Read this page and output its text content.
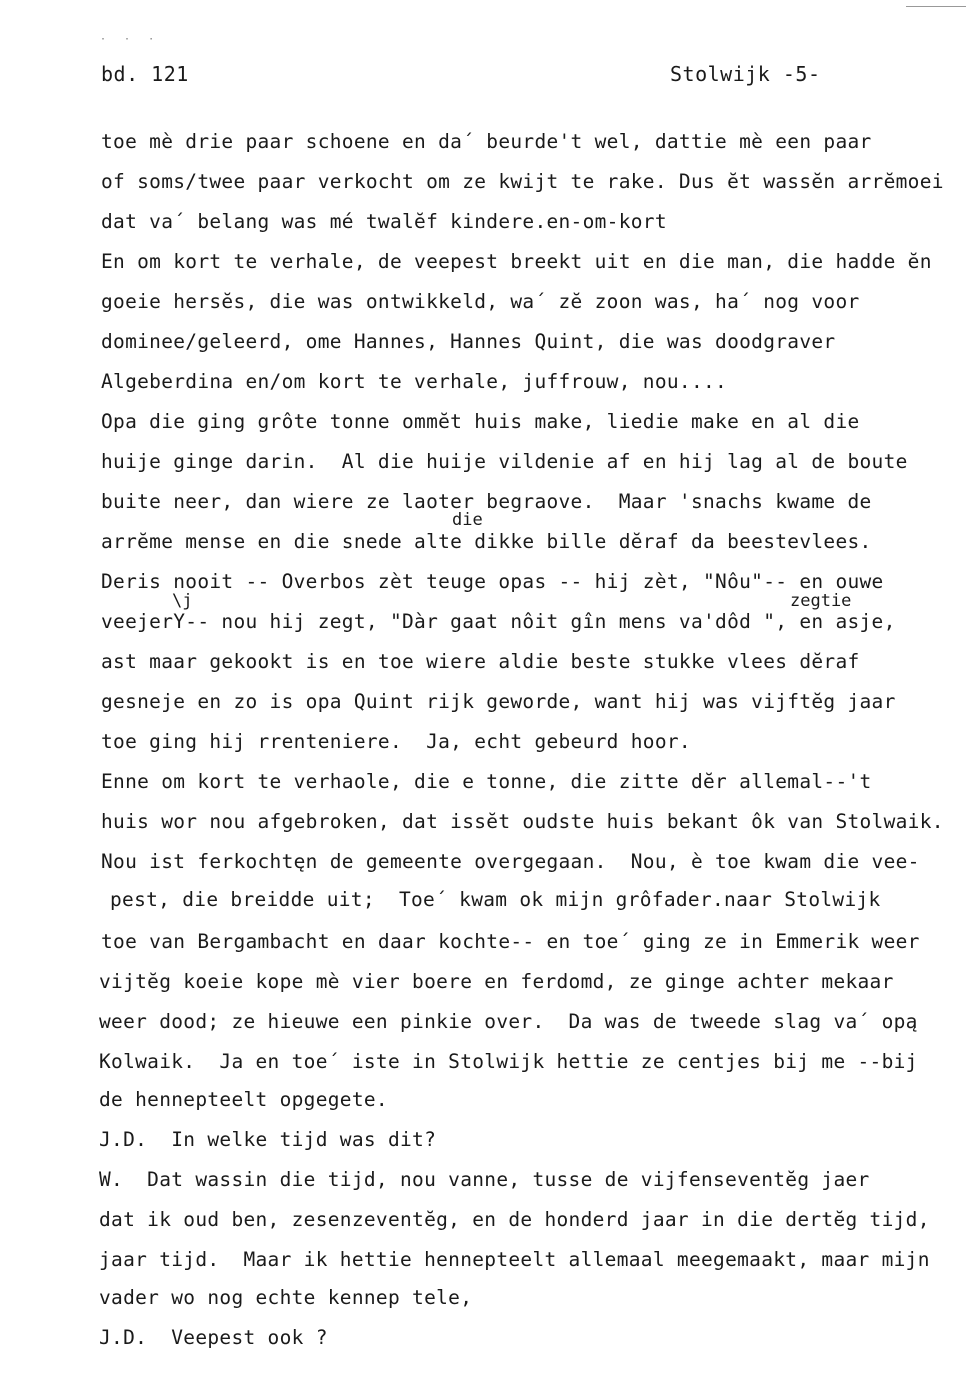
· · ·
bd. 121	Stolwijk -5-
toe mè drie paar schoene en da´ beurde't wel, dattie mè een paar
of soms/twee paar verkocht om ze kwijt te rake. Dus ĕt wassĕn arrĕmoei
dat va´ belang was mé twalĕf kindere.en-om-kort
En om kort te verhale, de veepest breekt uit en die man, die hadde ĕn
goeie hersĕs, die was ontwikkeld, wa´ zĕ zoon was, ha´ nog voor
dominee/geleerd, ome Hannes, Hannes Quint, die was doodgraver
Algeberdina en/om kort te verhale, juffrouw, nou....
Opa die ging grôte tonne ommĕt huis make, liedie make en al die
huije ginge darin.  Al die huije vildenie af en hij lag al de boute
buite neer, dan wiere ze laoter begraove.  Maar 'snachs kwame de
die
arrĕme mense en die snede alte dikke bille dĕraf da beestevlees.
Deris nooit -- Overbos zèt teuge opas -- hij zèt, "Nôu"-- en ouwe
\j	zegtie
veejerY-- nou hij zegt, "Dàr gaat nôit gîn mens va'dôd ", en asje,
ast maar gekookt is en toe wiere aldie beste stukke vlees dĕraf
gesneje en zo is opa Quint rijk geworde, want hij was vijftĕg jaar
toe ging hij rrenteniere.  Ja, echt gebeurd hoor.
Enne om kort te verhaole, die e tonne, die zitte dĕr allemal--'t
huis wor nou afgebroken, dat issĕt oudste huis bekant ôk van Stolwaik.
Nou ist ferkochtęn de gemeente overgegaan.  Nou, è toe kwam die vee-
pest, die breidde uit;  Toe´ kwam ok mijn grôfader.naar Stolwijk
toe van Bergambacht en daar kochte-- en toe´ ging ze in Emmerik weer
vijtĕg koeie kope mè vier boere en ferdomd, ze ginge achter mekaar
weer dood; ze hieuwe een pinkie over.  Da was de tweede slag va´ opą
Kolwaik.  Ja en toe´ iste in Stolwijk hettie ze centjes bij me --bij
de hennepteelt opgegete.
J.D.  In welke tijd was dit?
W.  Dat wassin die tijd, nou vanne, tusse de vijfenseventĕg jaer
dat ik oud ben, zesenzeventĕg, en de honderd jaar in die dertĕg tijd,
jaar tijd.  Maar ik hettie hennepteelt allemaal meegemaakt, maar mijn
vader wo nog echte kennep tele,
J.D.  Veepest ook ?
